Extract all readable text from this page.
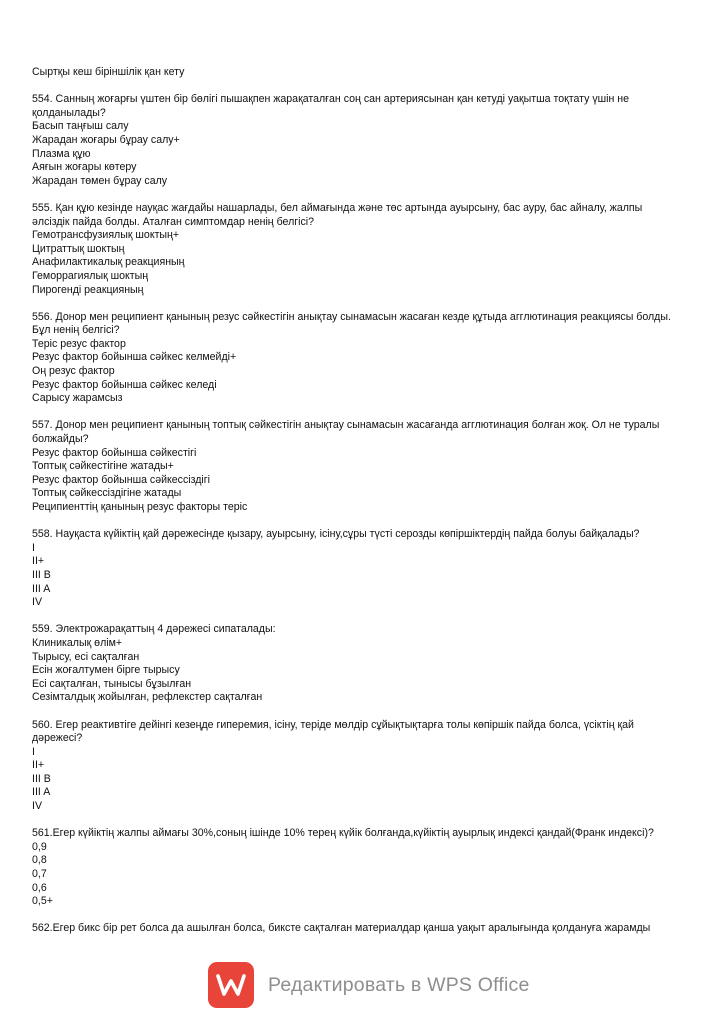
Сыртқы кеш біріншілік қан кету
554. Санның жоғарғы үштен бір бөлігі пышақпен жарақаталған соң сан артериясынан қан кетуді уақытша тоқтату үшін не қолданылады?
Басып таңғыш салу
Жарадан жоғары бұрау салу+
Плазма құю
Аяғын жоғары көтеру
Жарадан төмен бұрау салу
555. Қан құю кезінде науқас жағдайы нашарлады, бел аймағында және төс артында ауырсыну, бас ауру, бас айналу, жалпы әлсіздік пайда болды. Аталған симптомдар ненің белгісі?
Гемотрансфузиялық шоктың+
Цитраттық шоктың
Анафилактикалық реакцияның
Геморрагиялық шоктың
Пирогенді реакцияның
556. Донор мен реципиент қанының резус сәйкестігін анықтау сынамасын жасаған кезде құтыда агглютинация реакциясы болды. Бұл ненің белгісі?
Теріс резус фактор
Резус фактор бойынша сәйкес келмейді+
Оң резус фактор
Резус фактор бойынша сәйкес келеді
Сарысу жарамсыз
557. Донор мен реципиент қанының топтық сәйкестігін анықтау сынамасын жасағанда агглютинация болған жоқ. Ол не туралы болжайды?
Резус фактор бойынша сәйкестігі
Топтық сәйкестігіне жатады+
Резус фактор бойынша сәйкессіздігі
Топтық сәйкессіздігіне жатады
Реципиенттің қанының резус факторы теріс
558. Науқаста күйіктің қай дәрежесінде қызару, ауырсыну, ісіну,сұры түсті серозды көпіршіктердің пайда болуы байқалады?
I
II+
III B
III A
IV
559. Электрожарақаттың 4 дәрежесі сипаталады:
Клиникалық өлім+
Тырысу, есі сақталған
Есін жоғалтумен бірге тырысу
Есі сақталған, тынысы бұзылған
Сезімталдық жойылған, рефлекстер сақталған
560. Егер реактивтіге дейінгі кезеңде гиперемия, ісіну, теріде мөлдір сұйықтықтарға толы көпіршік пайда болса, үсіктің қай дәрежесі?
I
II+
III B
III A
IV
561.Егер күйіктің жалпы аймағы 30%,соның ішінде 10% терең күйік болғанда,күйіктің ауырлық индексі қандай(Франк индексі)?
0,9
0,8
0,7
0,6
0,5+
562.Егер бикс бір рет болса да ашылған болса, биксте сақталған материалдар қанша уақыт аралығында қолдануға жарамды
Редактировать в WPS Office
